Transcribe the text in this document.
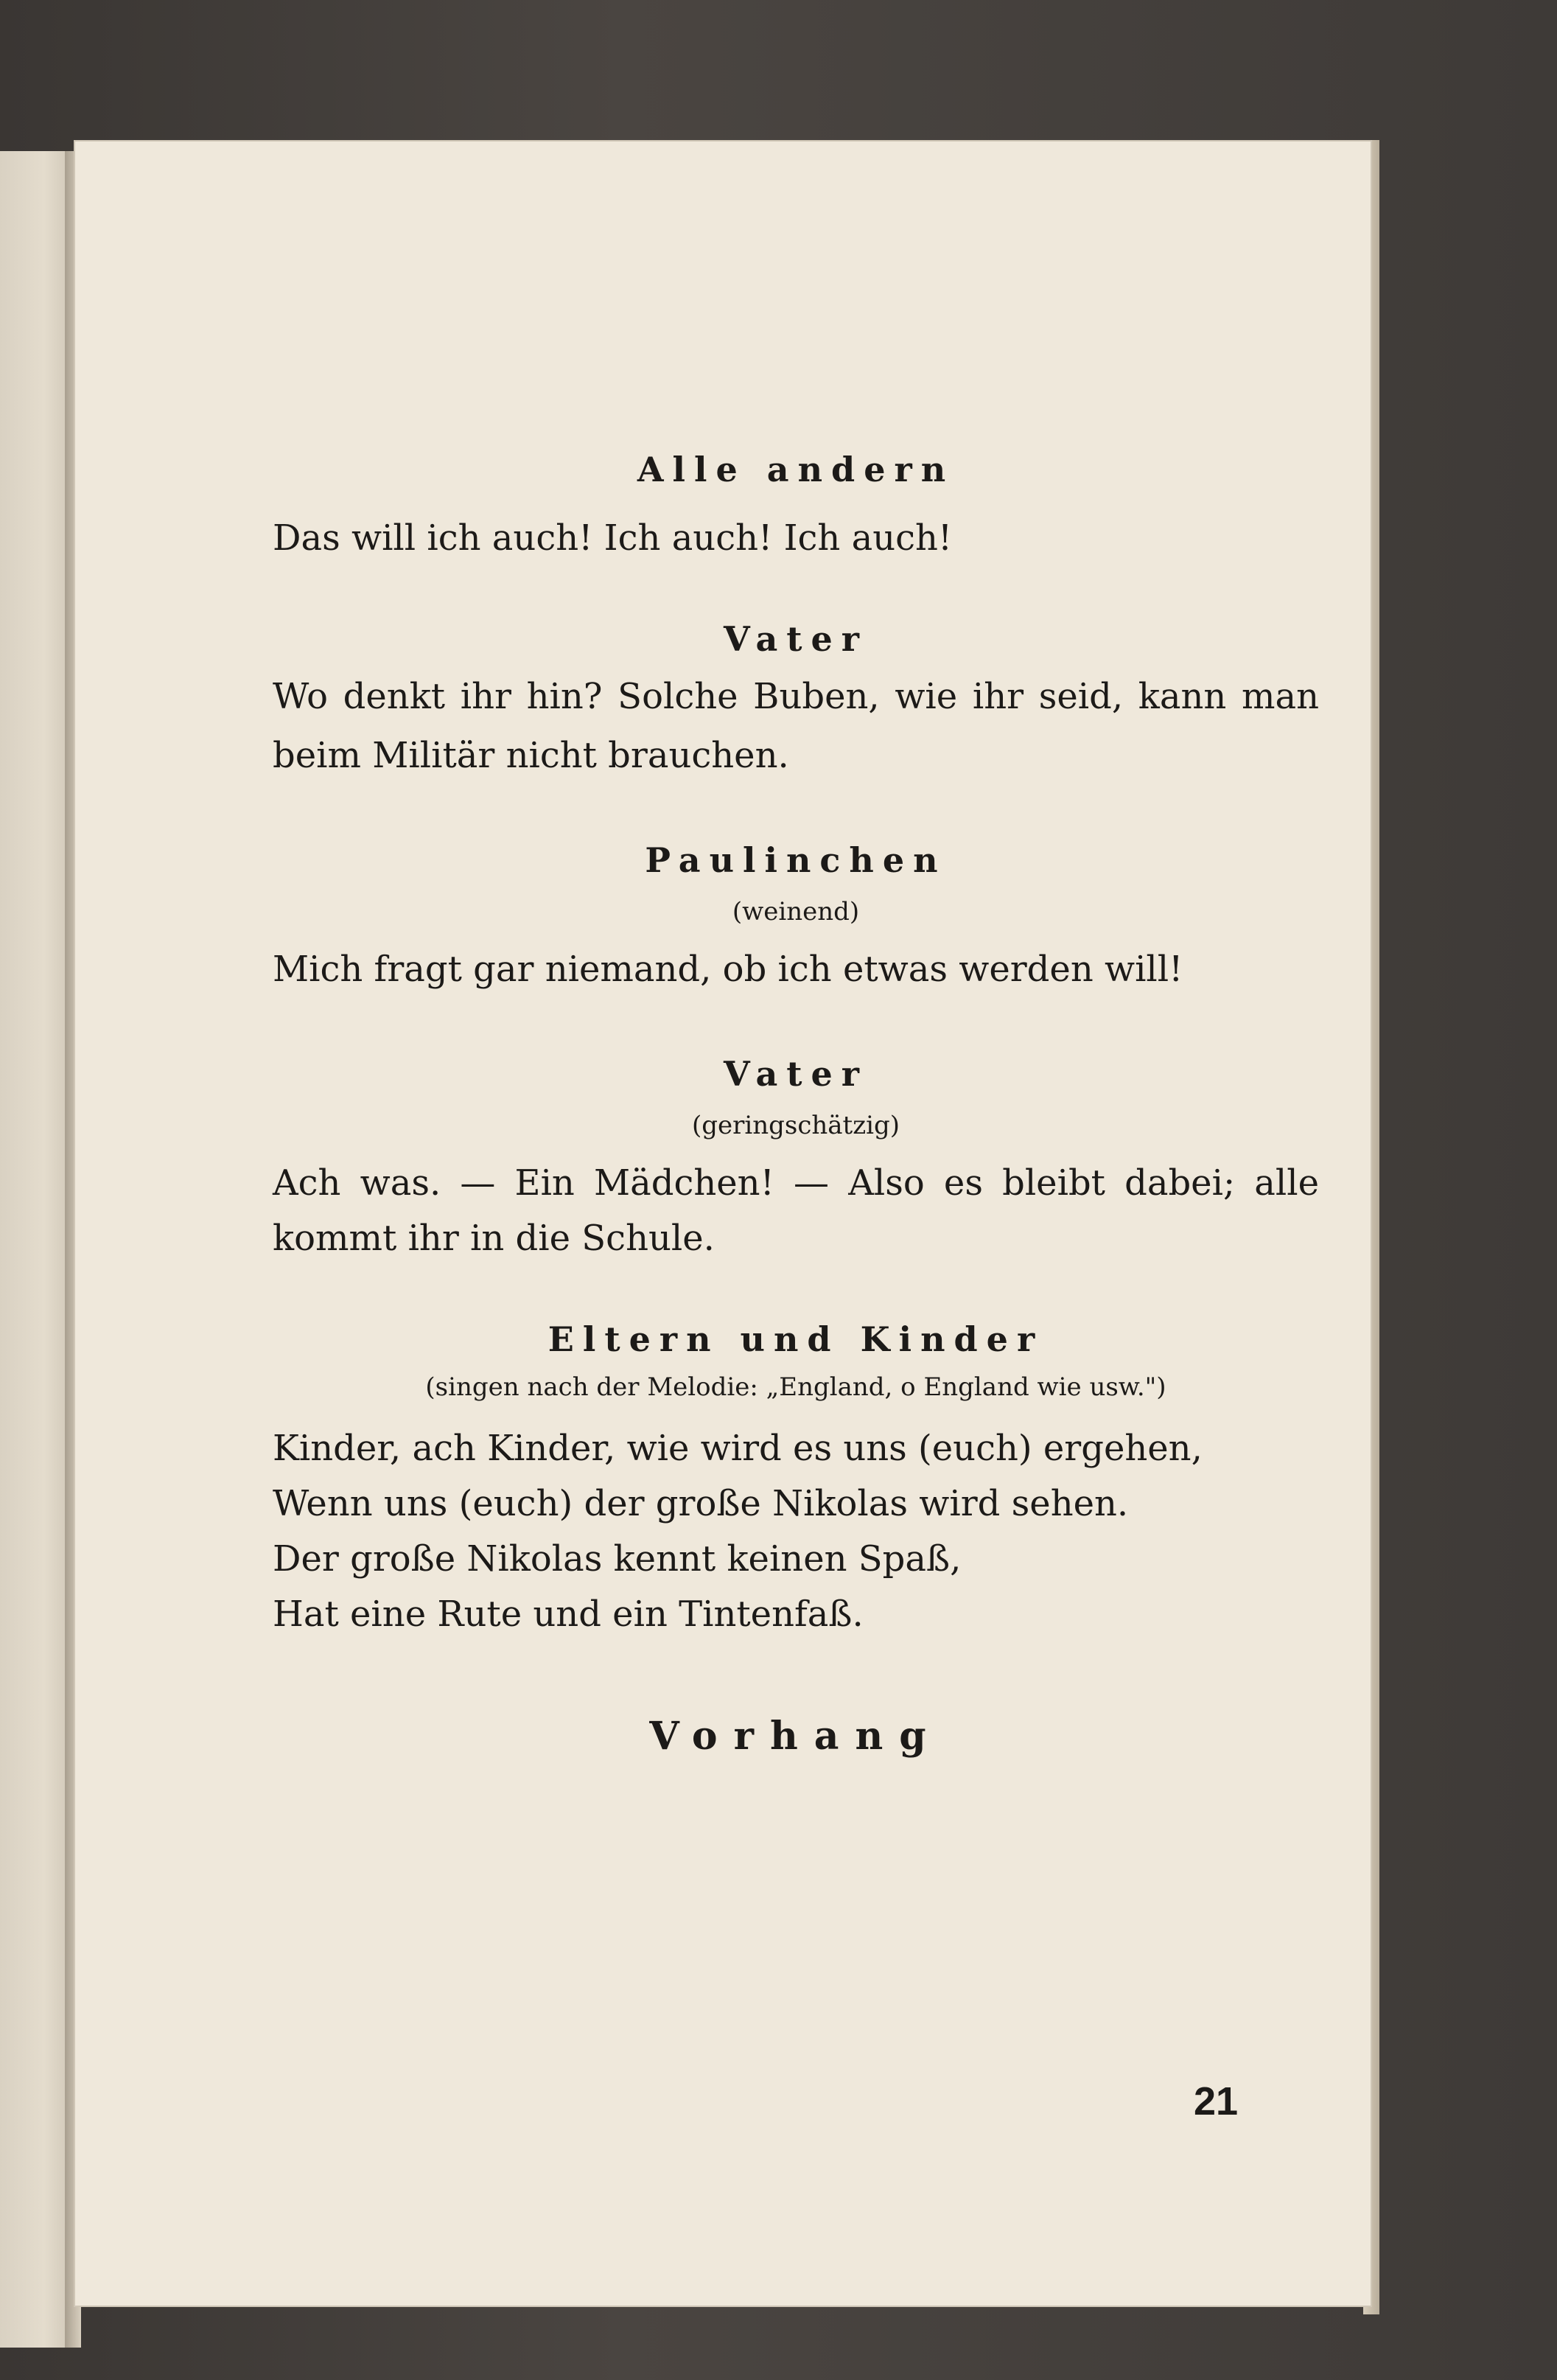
Alle andern
Das will ich auch! Ich auch! Ich auch!
Vater
Wo denkt ihr hin? Solche Buben, wie ihr seid, kann man
beim Militär nicht brauchen.
Paulinchen
(weinend)
Mich fragt gar niemand, ob ich etwas werden will!
Vater
(geringschätzig)
Ach was. — Ein Mädchen! — Also es bleibt dabei; alle
kommt ihr in die Schule.
Eltern und Kinder
(singen nach der Melodie: „England, o England wie usw.")
Kinder, ach Kinder, wie wird es uns (euch) ergehen,
Wenn uns (euch) der große Nikolas wird sehen.
Der große Nikolas kennt keinen Spaß,
Hat eine Rute und ein Tintenfaß.
Vorhang
21
